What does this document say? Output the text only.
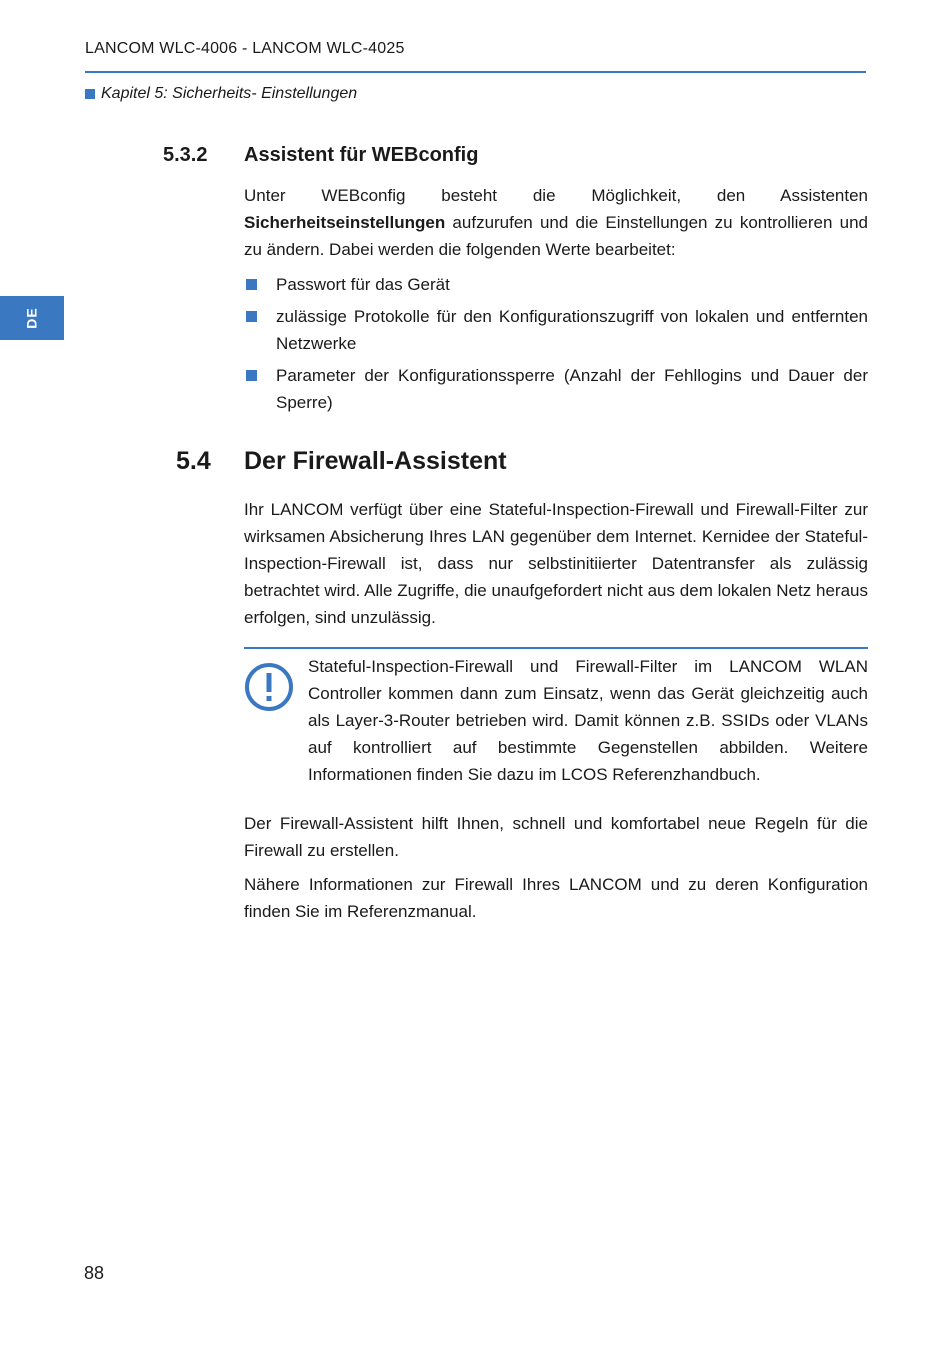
LANCOM WLC-4006 - LANCOM WLC-4025
Kapitel 5: Sicherheits- Einstellungen
DE
5.3.2 Assistent für WEBconfig

Unter WEBconfig besteht die Möglichkeit, den Assistenten Sicherheitseinstellungen aufzurufen und die Einstellungen zu kontrollieren und zu ändern. Dabei werden die folgenden Werte bearbeitet:

Passwort für das Gerät
zulässige Protokolle für den Konfigurationszugriff von lokalen und entfernten Netzwerke
Parameter der Konfigurationssperre (Anzahl der Fehllogins und Dauer der Sperre)
5.4 Der Firewall-Assistent

Ihr LANCOM verfügt über eine Stateful-Inspection-Firewall und Firewall-Filter zur wirksamen Absicherung Ihres LAN gegenüber dem Internet. Kernidee der Stateful-Inspection-Firewall ist, dass nur selbstinitiierter Datentransfer als zulässig betrachtet wird. Alle Zugriffe, die unaufgefordert nicht aus dem lokalen Netz heraus erfolgen, sind unzulässig.

Stateful-Inspection-Firewall und Firewall-Filter im LANCOM WLAN Controller kommen dann zum Einsatz, wenn das Gerät gleichzeitig auch als Layer-3-Router betrieben wird. Damit können z.B. SSIDs oder VLANs auf kontrolliert auf bestimmte Gegenstellen abbilden. Weitere Informationen finden Sie dazu im LCOS Referenzhandbuch.

Der Firewall-Assistent hilft Ihnen, schnell und komfortabel neue Regeln für die Firewall zu erstellen.

Nähere Informationen zur Firewall Ihres LANCOM und zu deren Konfiguration finden Sie im Referenzmanual.

88
